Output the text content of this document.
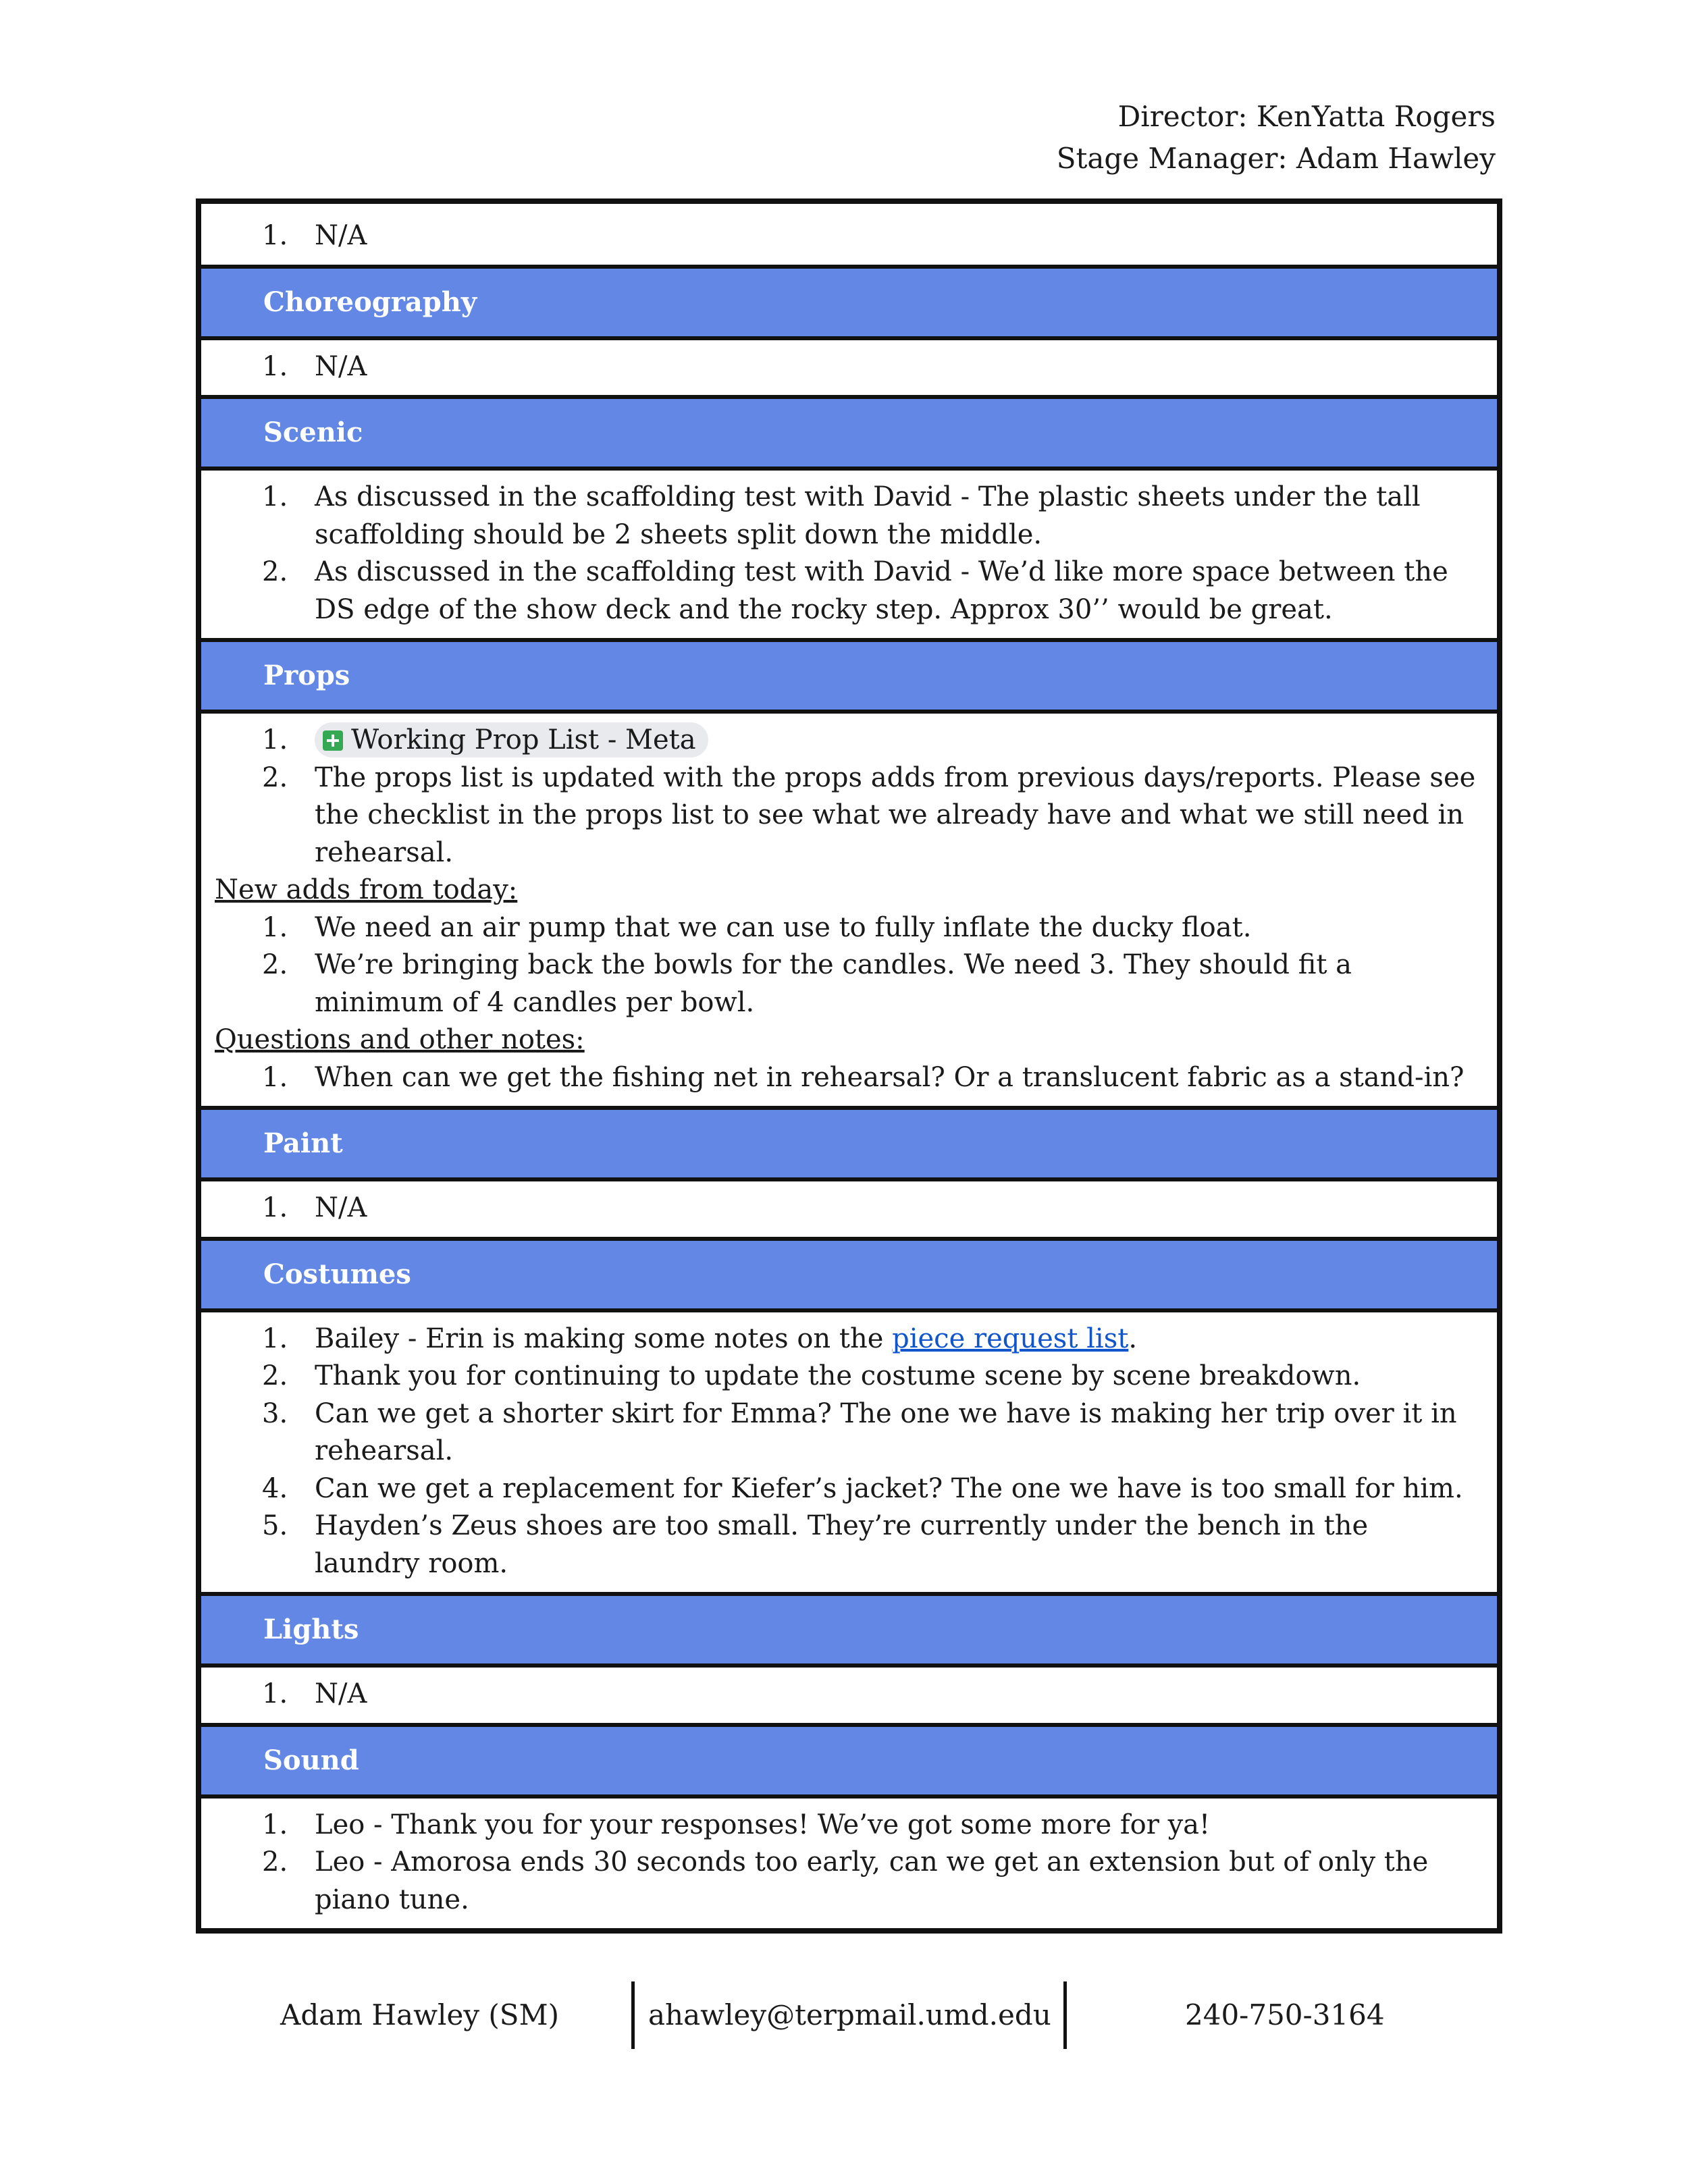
Director: KenYatta Rogers
Stage Manager: Adam Hawley
1. N/A
Choreography
1. N/A
Scenic
1. As discussed in the scaffolding test with David - The plastic sheets under the tall scaffolding should be 2 sheets split down the middle.
2. As discussed in the scaffolding test with David - We’d like more space between the DS edge of the show deck and the rocky step. Approx 30’’ would be great.
Props
1.	Working Prop List - Meta
2. The props list is updated with the props adds from previous days/reports. Please see the checklist in the props list to see what we already have and what we still need in rehearsal.
New adds from today:
1. We need an air pump that we can use to fully inflate the ducky float.
2. We’re bringing back the bowls for the candles. We need 3. They should fit a minimum of 4 candles per bowl.
Questions and other notes:
1. When can we get the fishing net in rehearsal? Or a translucent fabric as a stand-in?
Paint
1. N/A
Costumes
1. Bailey - Erin is making some notes on the piece request list.
2. Thank you for continuing to update the costume scene by scene breakdown.
3. Can we get a shorter skirt for Emma? The one we have is making her trip over it in rehearsal.
4. Can we get a replacement for Kiefer’s jacket? The one we have is too small for him.
5. Hayden’s Zeus shoes are too small. They’re currently under the bench in the laundry room.
Lights
1. N/A
Sound
1. Leo - Thank you for your responses! We’ve got some more for ya!
2. Leo - Amorosa ends 30 seconds too early, can we get an extension but of only the piano tune.
Adam Hawley (SM)	ahawley@terpmail.umd.edu	240-750-3164
